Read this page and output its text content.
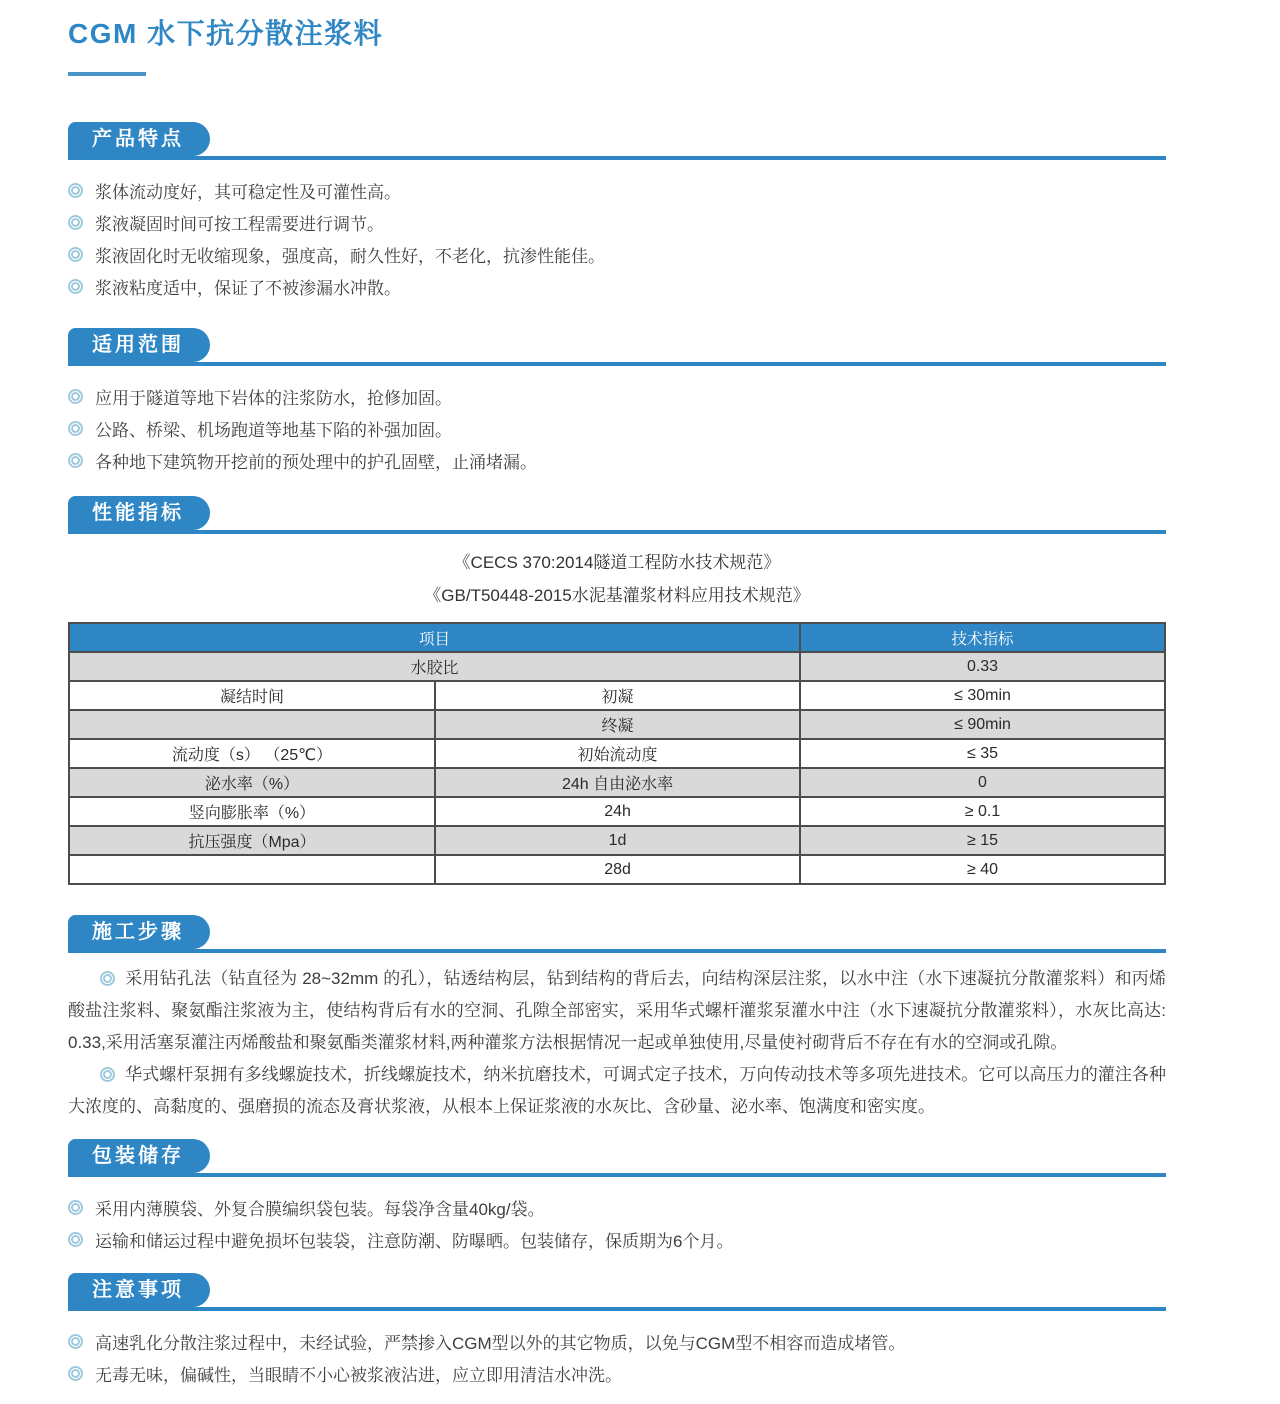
CGM 水下抗分散注浆料
产品特点
浆体流动度好，其可稳定性及可灌性高。
浆液凝固时间可按工程需要进行调节。
浆液固化时无收缩现象，强度高，耐久性好，不老化，抗渗性能佳。
浆液粘度适中，保证了不被渗漏水冲散。
适用范围
应用于隧道等地下岩体的注浆防水，抢修加固。
公路、桥梁、机场跑道等地基下陷的补强加固。
各种地下建筑物开挖前的预处理中的护孔固壁，止涌堵漏。
性能指标
《CECS 370:2014隧道工程防水技术规范》
《GB/T50448-2015水泥基灌浆材料应用技术规范》
项目		技术指标
水胶比		0.33
凝结时间	初凝	≤ 30min
	终凝	≤ 90min
流动度（s） （25℃）	初始流动度	≤ 35
泌水率（%）	24h 自由泌水率	0
竖向膨胀率（%）	24h	≥ 0.1
抗压强度（Mpa）	1d	≥ 15
	28d	≥ 40
施工步骤

采用钻孔法（钻直径为 28~32mm 的孔），钻透结构层，钻到结构的背后去，向结构深层注浆，以水中注（水下速凝抗分散灌浆料）和丙烯酸盐注浆料、聚氨酯注浆液为主，使结构背后有水的空洞、孔隙全部密实，采用华式螺杆灌浆泵灌水中注（水下速凝抗分散灌浆料），水灰比高达: 0.33,采用活塞泵灌注丙烯酸盐和聚氨酯类灌浆材料,两种灌浆方法根据情况一起或单独使用,尽量使衬砌背后不存在有水的空洞或孔隙。

华式螺杆泵拥有多线螺旋技术，折线螺旋技术，纳米抗磨技术，可调式定子技术，万向传动技术等多项先进技术。它可以高压力的灌注各种大浓度的、高黏度的、强磨损的流态及膏状浆液，从根本上保证浆液的水灰比、含砂量、泌水率、饱满度和密实度。

包装储存
采用内薄膜袋、外复合膜编织袋包装。每袋净含量40kg/袋。
运输和储运过程中避免损坏包装袋，注意防潮、防曝晒。包装储存，保质期为6个月。
注意事项
高速乳化分散注浆过程中，未经试验，严禁掺入CGM型以外的其它物质，以免与CGM型不相容而造成堵管。
无毒无味，偏碱性，当眼睛不小心被浆液沾进，应立即用清洁水冲洗。
